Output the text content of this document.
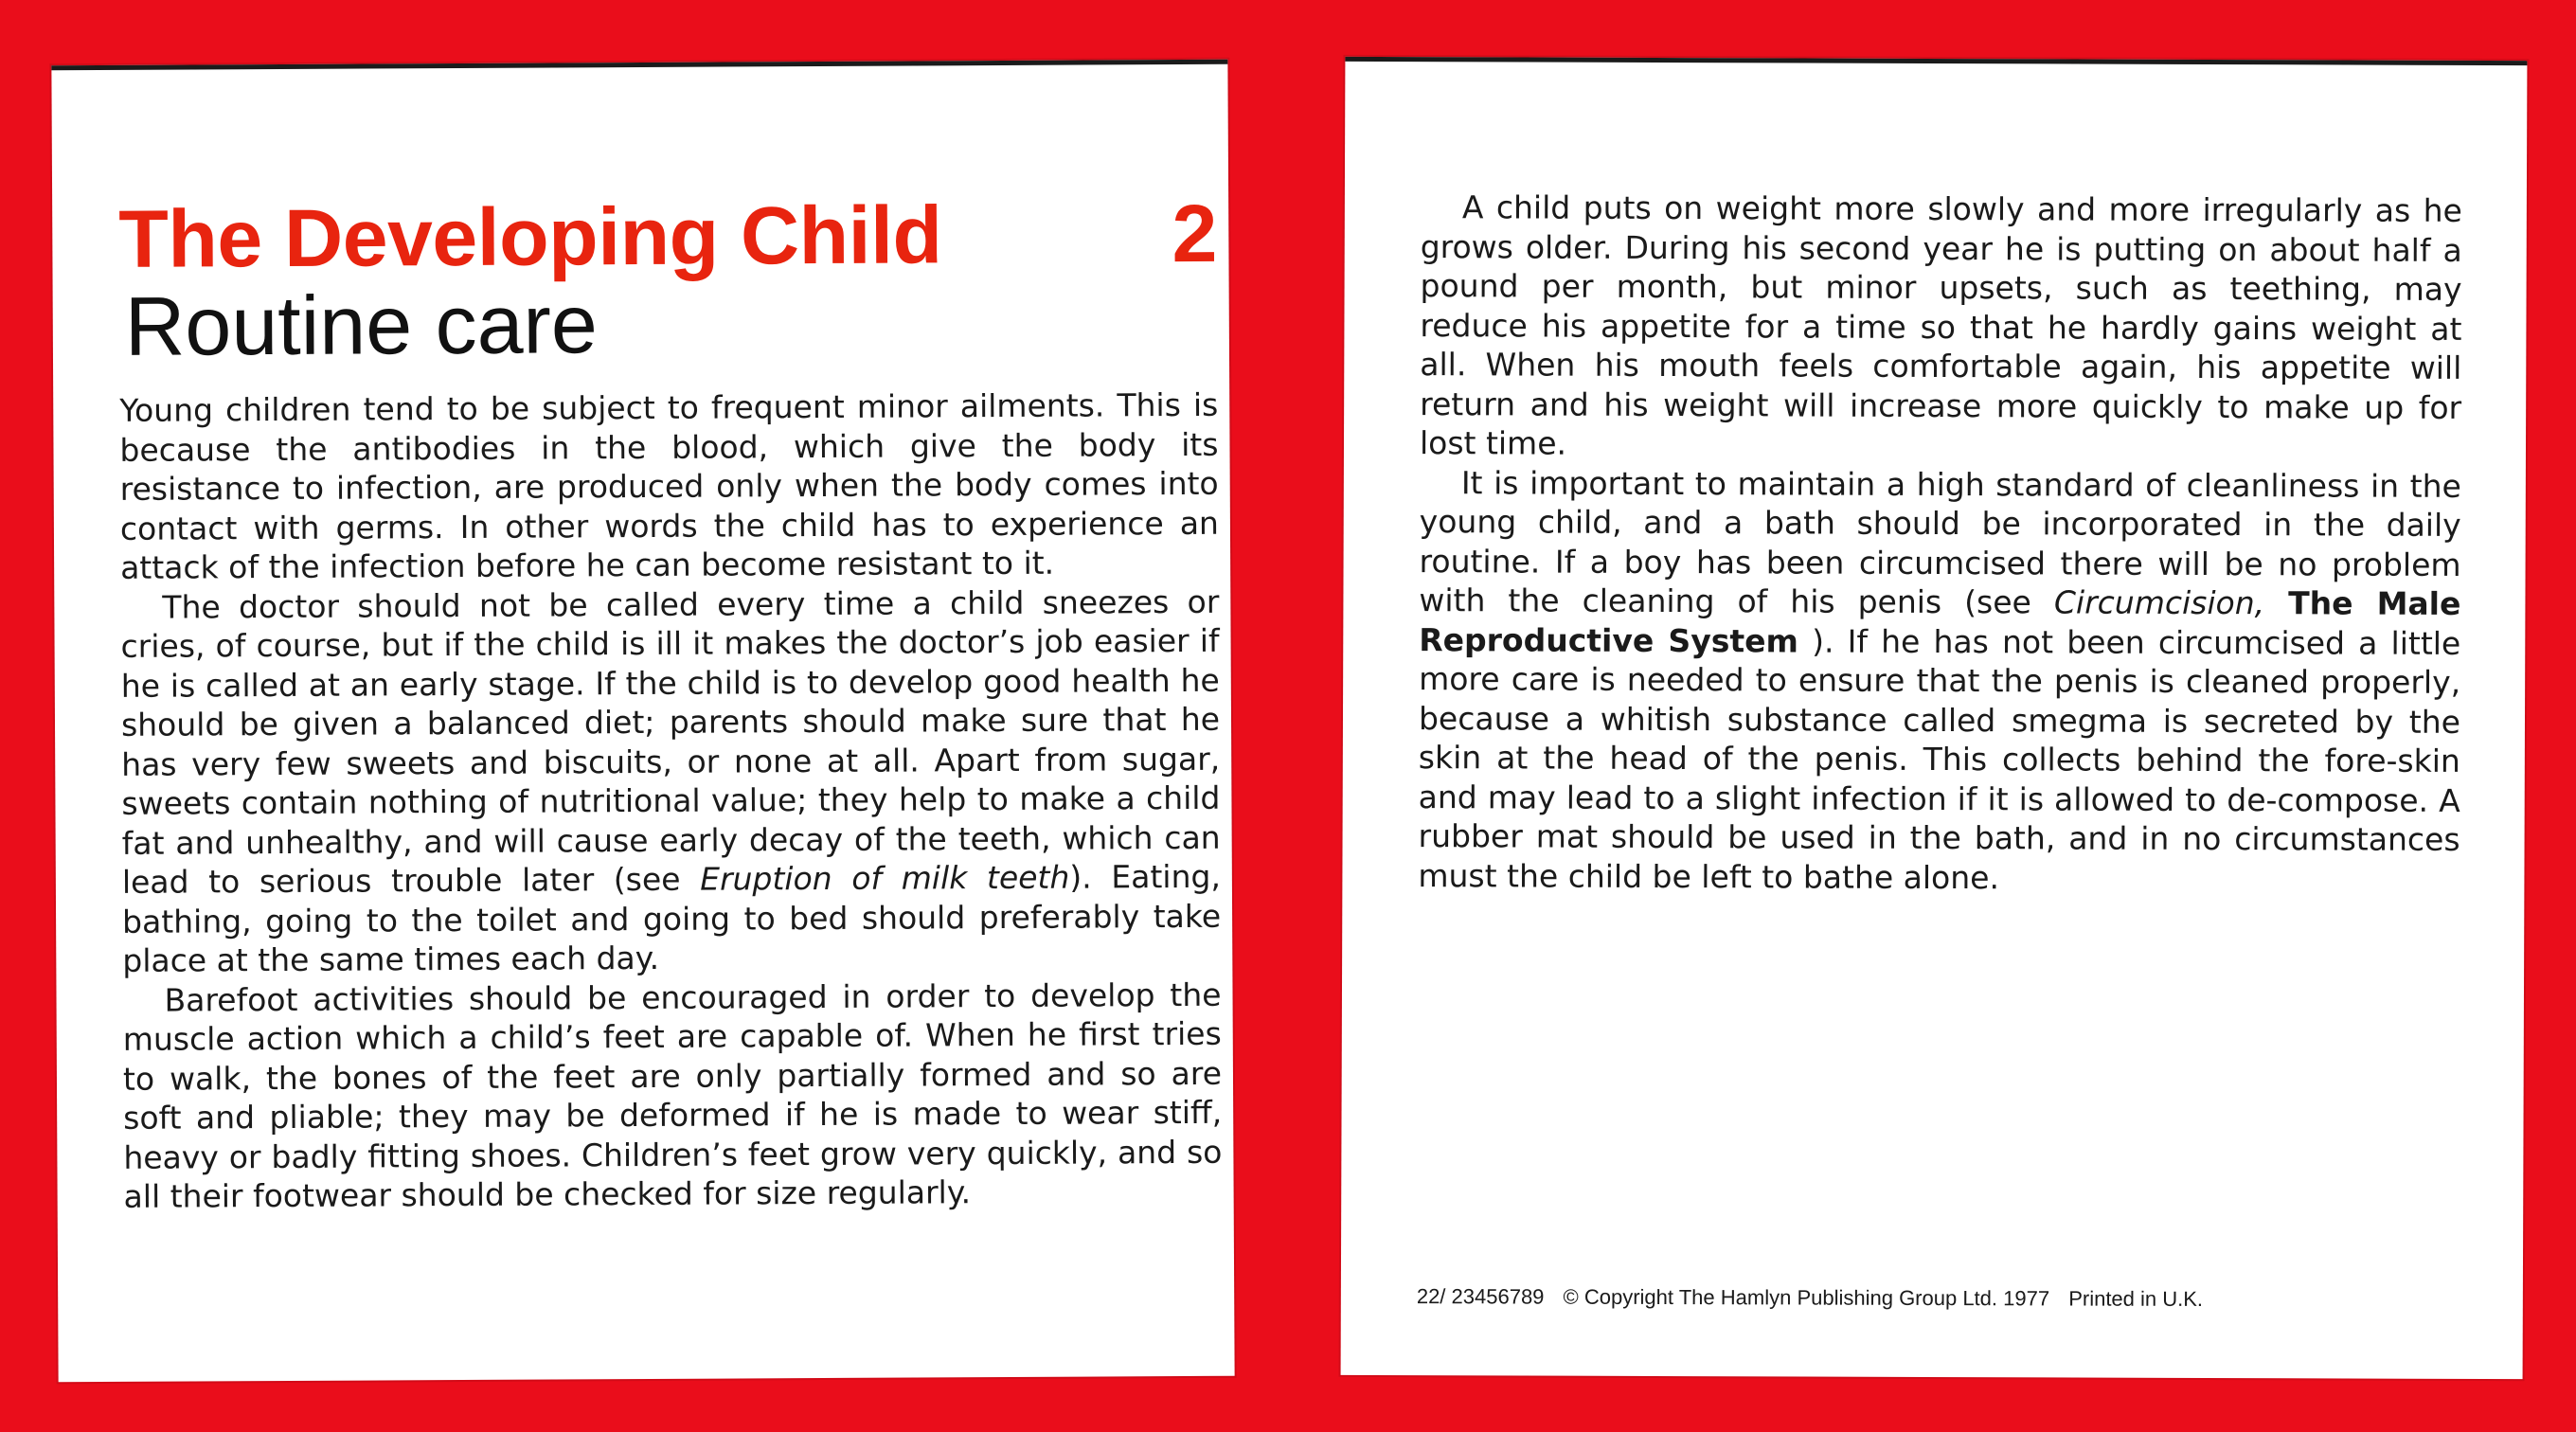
The Developing Child	2
Routine care

Young children tend to be subject to frequent minor ailments. This is because the antibodies in the blood, which give the body its resistance to infection, are produced only when the body comes into contact with germs. In other words the child has to experience an attack of the infection before he can become resistant to it.

The doctor should not be called every time a child sneezes or cries, of course, but if the child is ill it makes the doctor’s job easier if he is called at an early stage. If the child is to develop good health he should be given a balanced diet; parents should make sure that he has very few sweets and biscuits, or none at all. Apart from sugar, sweets contain nothing of nutritional value; they help to make a child fat and unhealthy, and will cause early decay of the teeth, which can lead to serious trouble later (see Eruption of milk teeth). Eating, bathing, going to the toilet and going to bed should preferably take place at the same times each day.

Barefoot activities should be encouraged in order to develop the muscle action which a child’s feet are capable of. When he first tries to walk, the bones of the feet are only partially formed and so are soft and pliable; they may be deformed if he is made to wear stiff, heavy or badly fitting shoes. Children’s feet grow very quickly, and so all their footwear should be checked for size regularly.

A child puts on weight more slowly and more irregularly as he grows older. During his second year he is putting on about half a pound per month, but minor upsets, such as teething, may reduce his appetite for a time so that he hardly gains weight at all. When his mouth feels comfortable again, his appetite will return and his weight will increase more quickly to make up for lost time.

It is important to maintain a high standard of cleanliness in the young child, and a bath should be incorporated in the daily routine. If a boy has been circumcised there will be no problem with the cleaning of his penis (see Circumcision, The Male Reproductive System ). If he has not been circumcised a little more care is needed to ensure that the penis is cleaned properly, because a whitish substance called smegma is secreted by the skin at the head of the penis. This collects behind the fore-skin and may lead to a slight infection if it is allowed to de-compose. A rubber mat should be used in the bath, and in no circumstances must the child be left to bathe alone.

22/ 23456789 © Copyright The Hamlyn Publishing Group Ltd. 1977 Printed in U.K.
